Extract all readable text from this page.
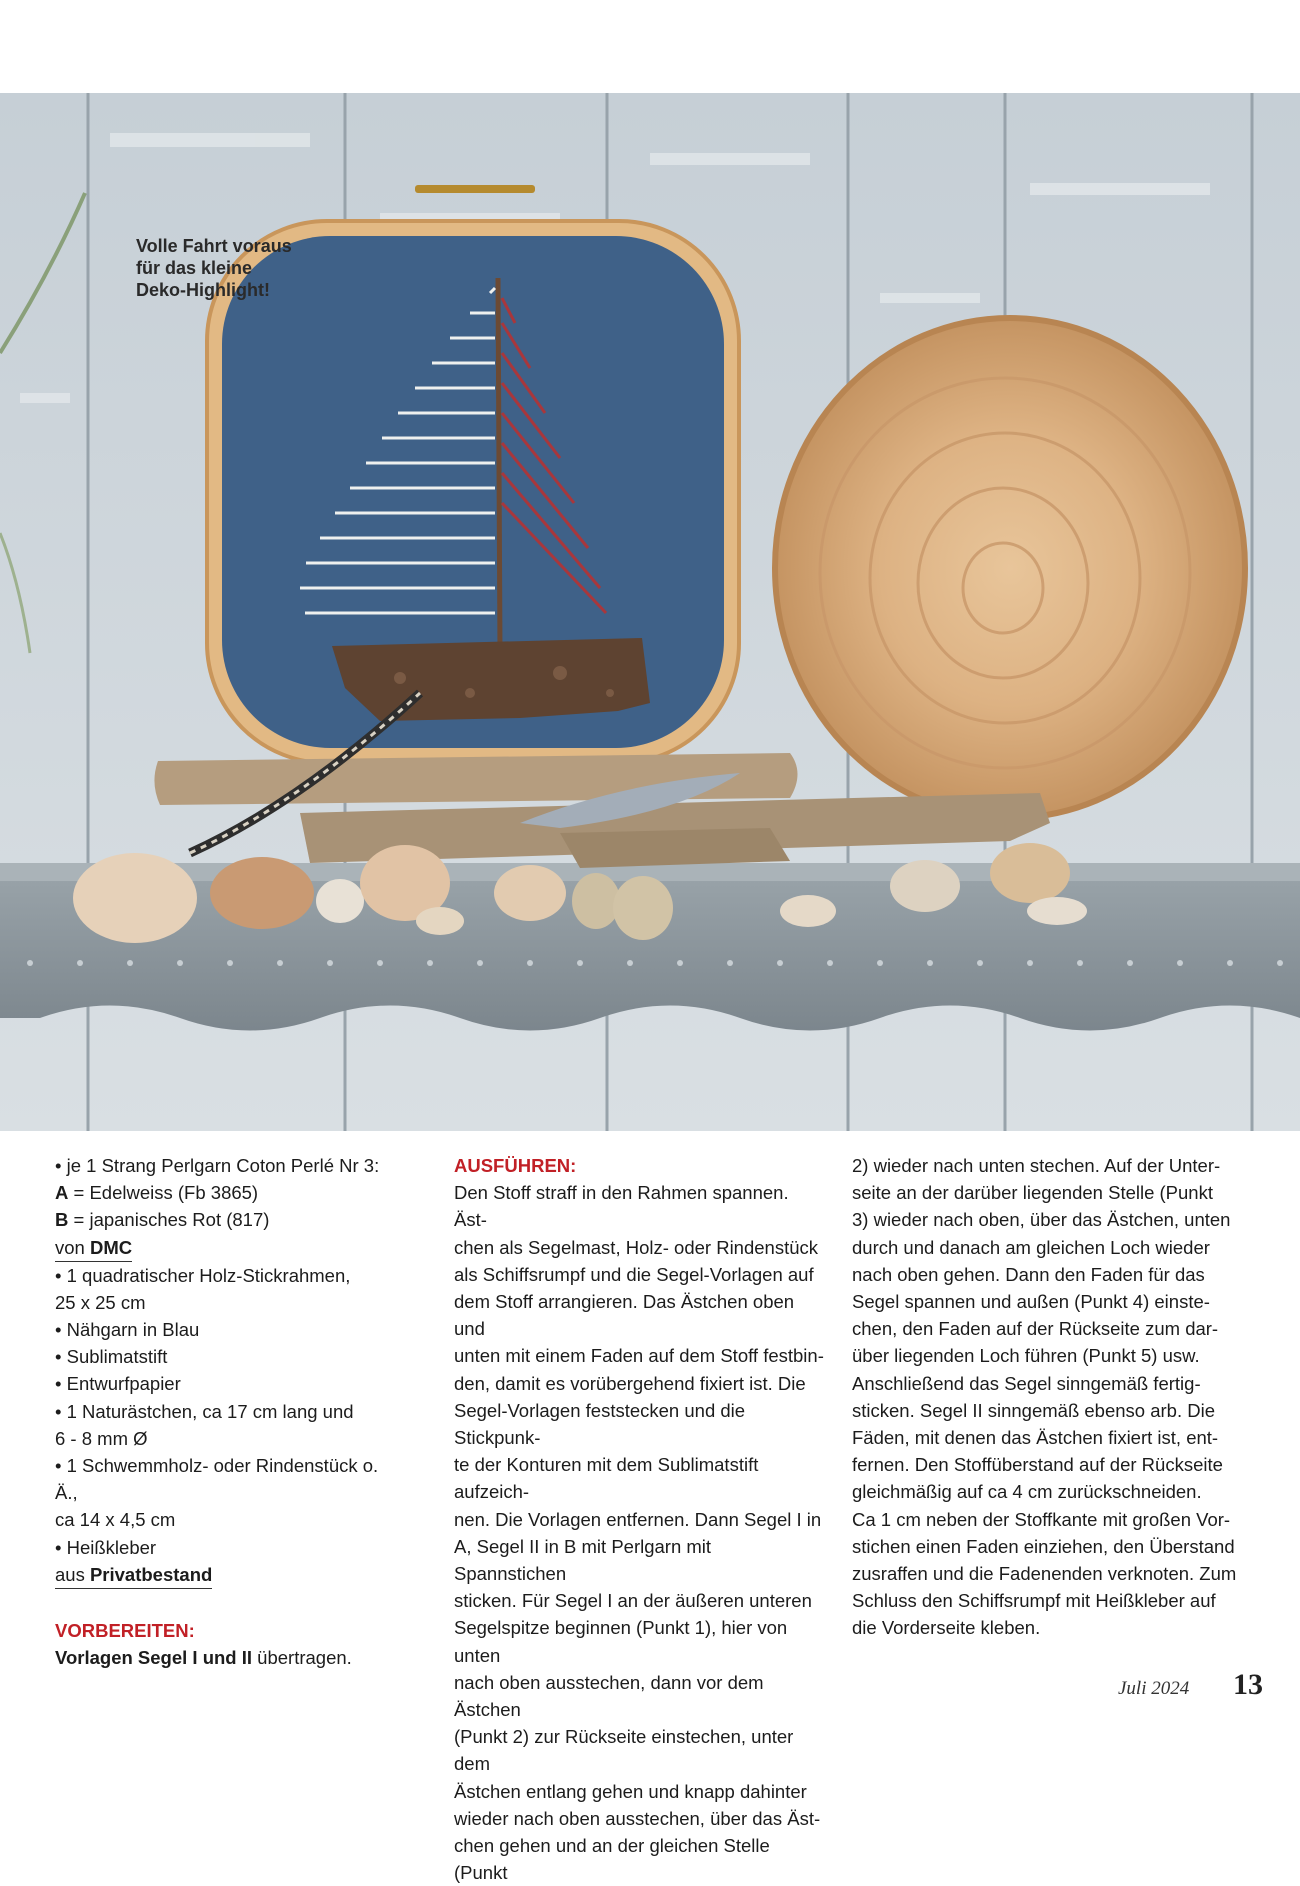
Volle Fahrt voraus
für das kleine
Deko-Highlight!

• je 1 Strang Perlgarn Coton Perlé Nr 3:

A = Edelweiss (Fb 3865)

B = japanisches Rot (817)

von DMC

• 1 quadratischer Holz-Stickrahmen,

25 x 25 cm

• Nähgarn in Blau

• Sublimatstift

• Entwurfpapier

• 1 Naturästchen, ca 17 cm lang und

6 - 8 mm Ø

• 1 Schwemmholz- oder Rindenstück o. Ä.,

ca 14 x 4,5 cm

• Heißkleber

aus Privatbestand

VORBEREITEN:

Vorlagen Segel I und II übertragen.

AUSFÜHREN:

Den Stoff straff in den Rahmen spannen. Äst-

chen als Segelmast, Holz- oder Rindenstück

als Schiffsrumpf und die Segel-Vorlagen auf

dem Stoff arrangieren. Das Ästchen oben und

unten mit einem Faden auf dem Stoff festbin-

den, damit es vorübergehend fixiert ist. Die

Segel-Vorlagen feststecken und die Stickpunk-

te der Konturen mit dem Sublimatstift aufzeich-

nen. Die Vorlagen entfernen. Dann Segel I in

A, Segel II in B mit Perlgarn mit Spannstichen

sticken. Für Segel I an der äußeren unteren

Segelspitze beginnen (Punkt 1), hier von unten

nach oben ausstechen, dann vor dem Ästchen

(Punkt 2) zur Rückseite einstechen, unter dem

Ästchen entlang gehen und knapp dahinter

wieder nach oben ausstechen, über das Äst-

chen gehen und an der gleichen Stelle (Punkt

2) wieder nach unten stechen. Auf der Unter-

seite an der darüber liegenden Stelle (Punkt

3) wieder nach oben, über das Ästchen, unten

durch und danach am gleichen Loch wieder

nach oben gehen. Dann den Faden für das

Segel spannen und außen (Punkt 4) einste-

chen, den Faden auf der Rückseite zum dar-

über liegenden Loch führen (Punkt 5) usw.

Anschließend das Segel sinngemäß fertig-

sticken. Segel II sinngemäß ebenso arb. Die

Fäden, mit denen das Ästchen fixiert ist, ent-

fernen. Den Stoffüberstand auf der Rückseite

gleichmäßig auf ca 4 cm zurückschneiden.

Ca 1 cm neben der Stoffkante mit großen Vor-

stichen einen Faden einziehen, den Überstand

zusraffen und die Fadenenden verknoten. Zum

Schluss den Schiffsrumpf mit Heißkleber auf

die Vorderseite kleben.

Juli 2024 13
